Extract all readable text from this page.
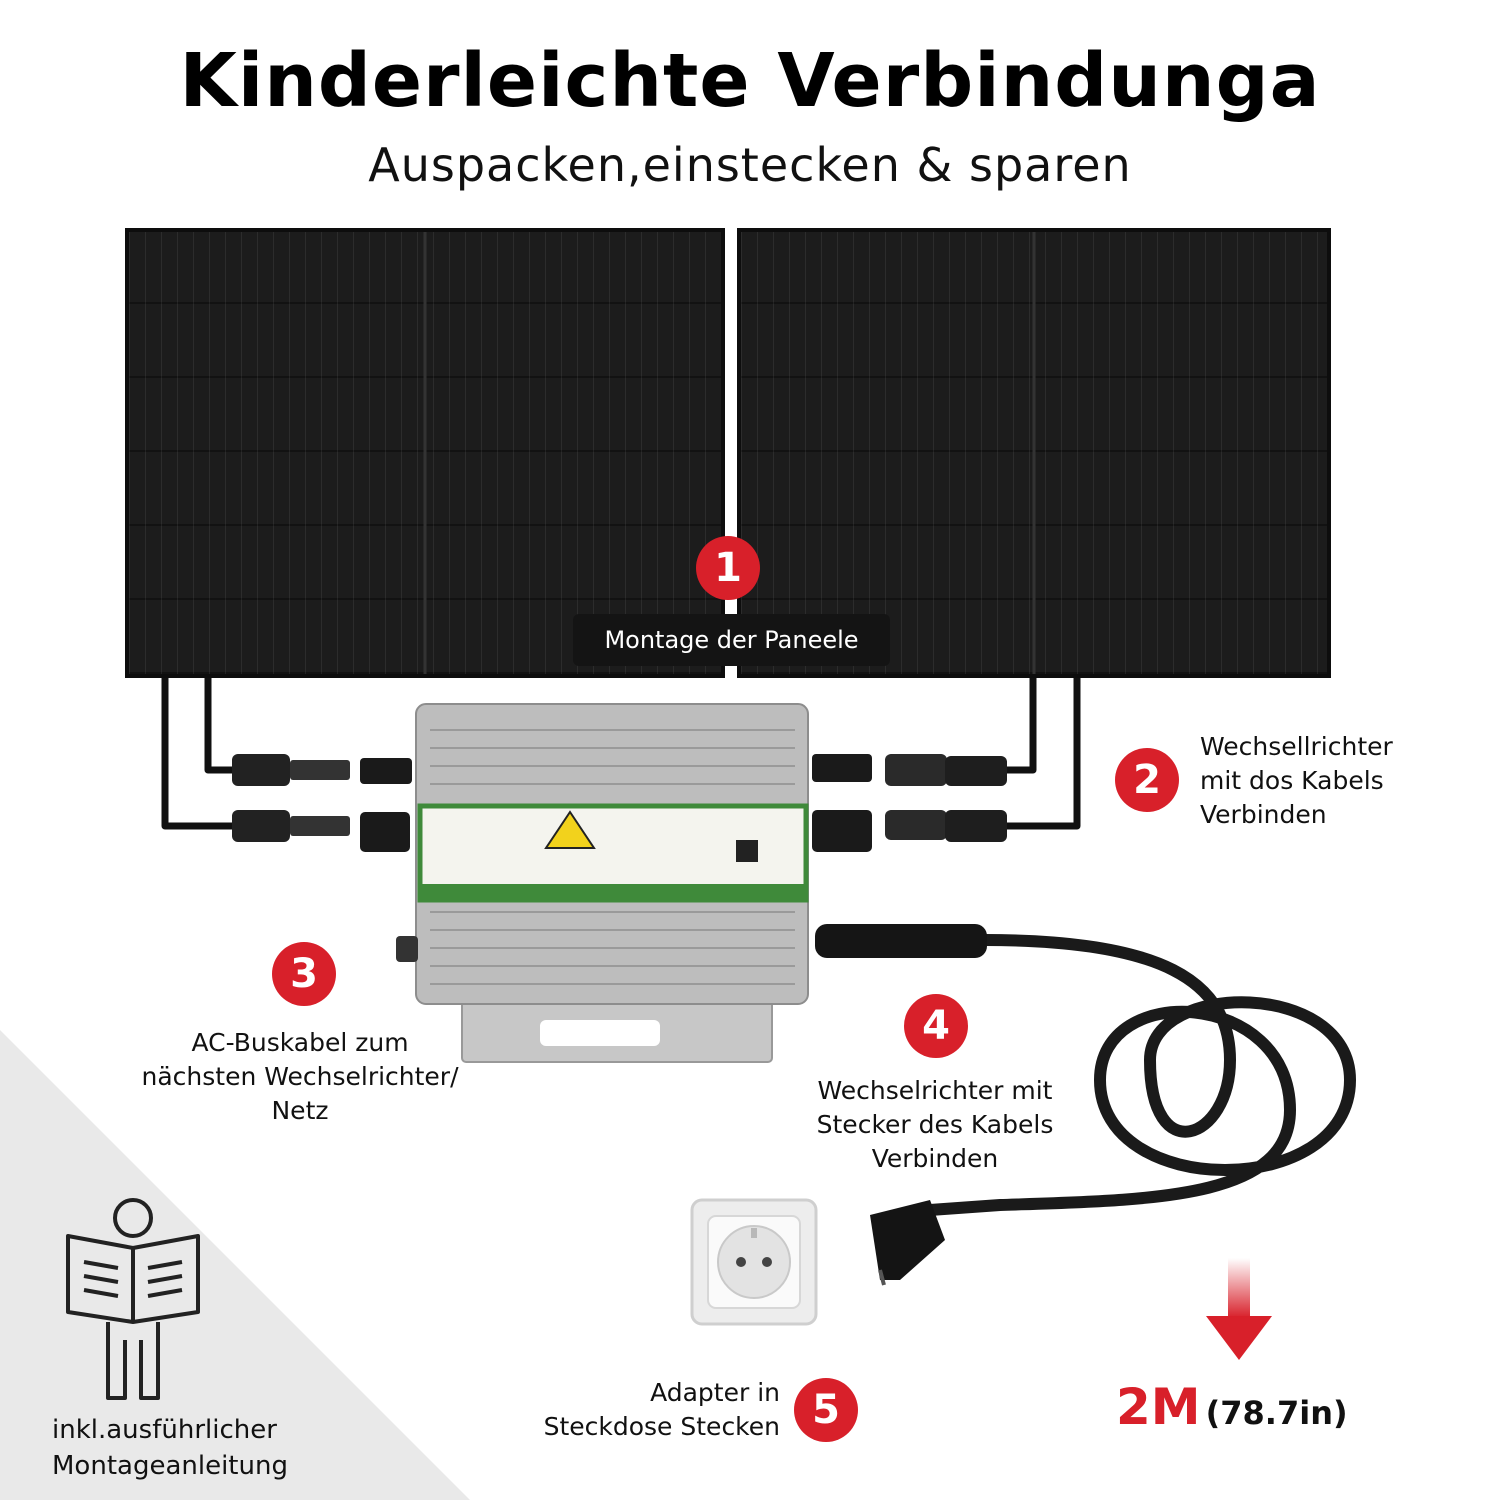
Kinderleichte Verbindunga
Auspacken,einstecken & sparen
1
Montage der Paneele
2
Wechsellrichter
mit dos Kabels
Verbinden
3
AC-Buskabel zum
nächsten Wechselrichter/
Netz
4
Wechselrichter mit
Stecker des Kabels
Verbinden
Adapter in
Steckdose Stecken 5	2M (78.7in)
inkl.ausführlicher
Montageanleitung
